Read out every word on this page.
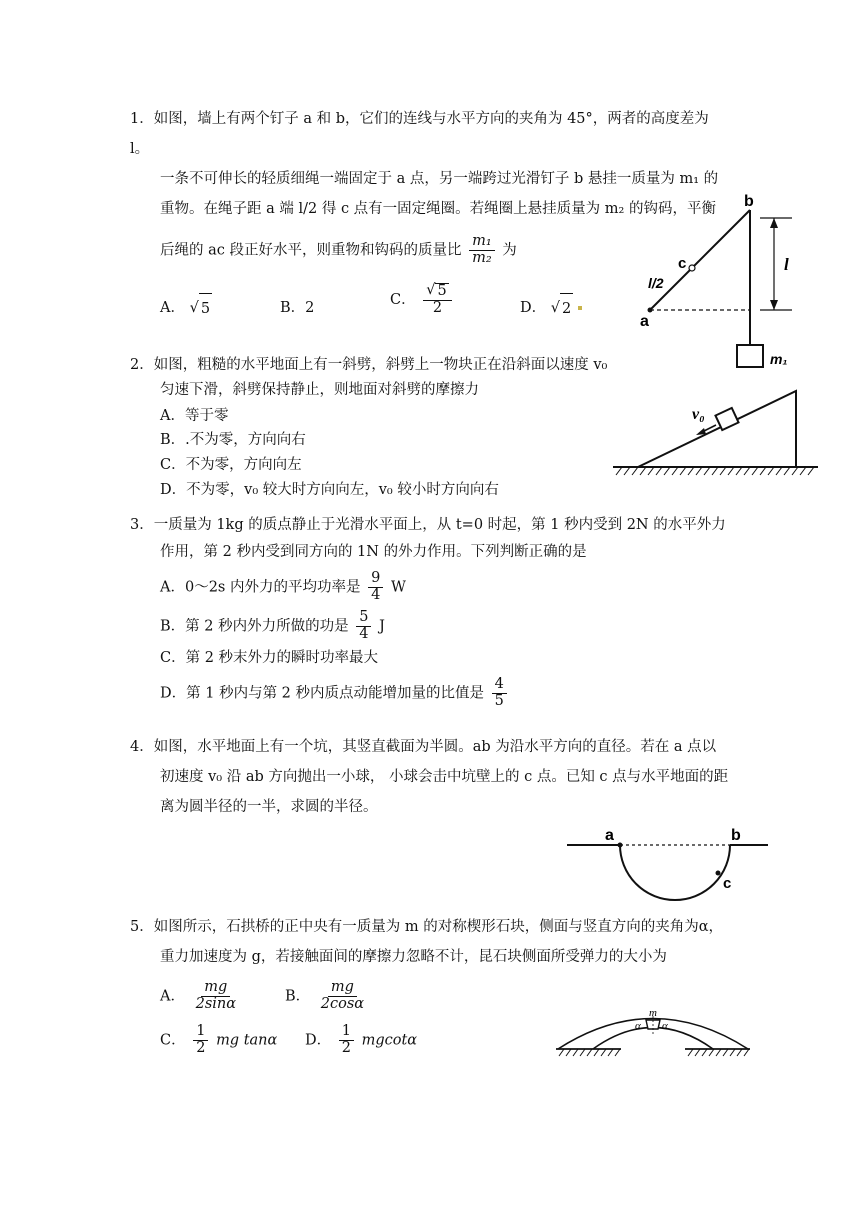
1．如图，墙上有两个钉子 a 和 b，它们的连线与水平方向的夹角为 45°，两者的高度差为 l。

一条不可伸长的轻质细绳一端固定于 a 点，另一端跨过光滑钉子 b 悬挂一质量为 m₁ 的

重物。在绳子距 a 端 l/2 得 c 点有一固定绳圈。若绳圈上悬挂质量为 m₂ 的钩码，平衡

后绳的 ac 段正好水平，则重物和钩码的质量比 $\frac{\text{m₁}}{\text{m₂}}$ 为

A． √ 5	B．2
C． $\frac{√ 5}{2}$	D． √ 2

b
c
a
l/2
l
m₁

2．如图，粗糙的水平地面上有一斜劈，斜劈上一物块正在沿斜面以速度 v₀

匀速下滑，斜劈保持静止，则地面对斜劈的摩擦力

A．等于零

B．.不为零，方向向右

C．不为零，方向向左

D．不为零，v₀ 较大时方向向左，v₀ 较小时方向向右

v₀

3．一质量为 1kg 的质点静止于光滑水平面上，从 t=0 时起，第 1 秒内受到 2N 的水平外力

作用，第 2 秒内受到同方向的 1N 的外力作用。下列判断正确的是

A．0～2s 内外力的平均功率是 $\frac{9}{4}$ W

B．第 2 秒内外力所做的功是 $\frac{5}{4}$ J

C．第 2 秒末外力的瞬时功率最大

D．第 1 秒内与第 2 秒内质点动能增加量的比值是 $\frac{4}{5}$

4．如图，水平地面上有一个坑，其竖直截面为半圆。ab 为沿水平方向的直径。若在 a 点以

初速度 v₀ 沿 ab 方向抛出一小球， 小球会击中坑壁上的 c 点。已知 c 点与水平地面的距

离为圆半径的一半，求圆的半径。

a	b
c

5．如图所示，石拱桥的正中央有一质量为 m 的对称楔形石块，侧面与竖直方向的夹角为α，

重力加速度为 g，若接触面间的摩擦力忽略不计，昆石块侧面所受弹力的大小为

A． $\frac{mg}{2\sin\alpha}$	B． $\frac{mg}{2\cos\alpha}$
C． $\frac{1}{2}$ mg tanα D． $\frac{1}{2}$ mgcotα
m
α α
